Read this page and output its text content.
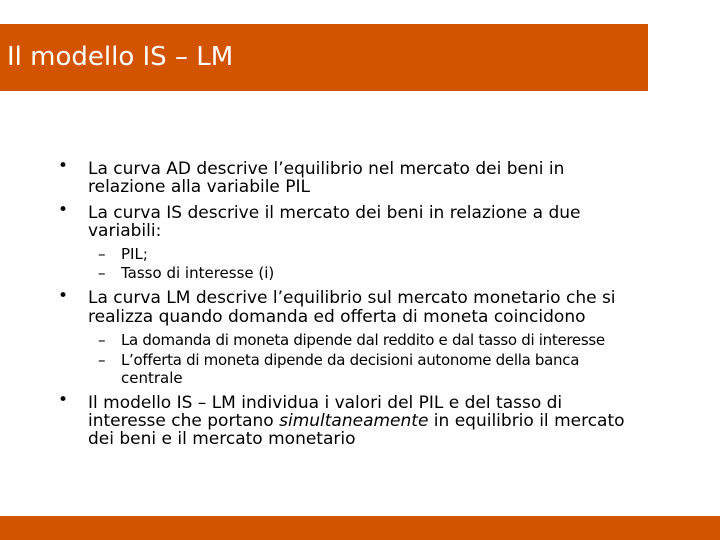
Il modello IS – LM
• La curva AD descrive l’equilibrio nel mercato dei beni in
relazione alla variabile PIL
• La curva IS descrive il mercato dei beni in relazione a due
variabili:
– PIL;
– Tasso di interesse (i)
• La curva LM descrive l’equilibrio sul mercato monetario che si
realizza quando domanda ed offerta di moneta coincidono
– La domanda di moneta dipende dal reddito e dal tasso di interesse
– L’offerta di moneta dipende da decisioni autonome della banca
centrale
• Il modello IS – LM individua i valori del PIL e del tasso di
interesse che portano simultaneamente in equilibrio il mercato
dei beni e il mercato monetario
